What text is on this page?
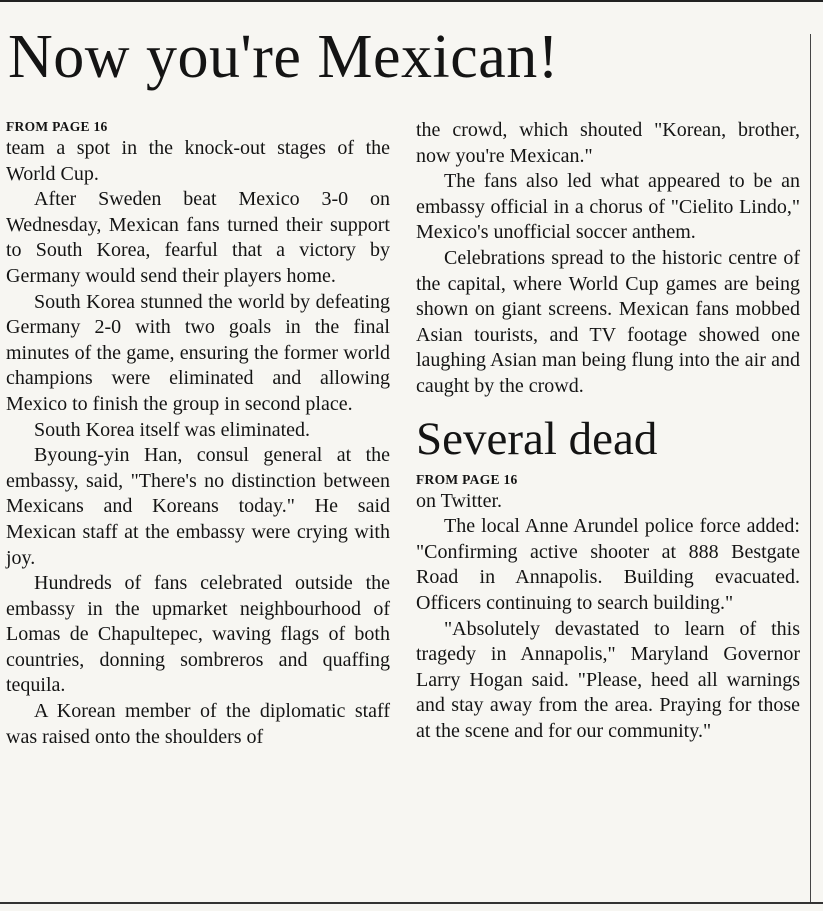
Now you're Mexican!

FROM PAGE 16

team a spot in the knock-out stages of the World Cup.

After Sweden beat Mexico 3-0 on Wednesday, Mexican fans turned their support to South Korea, fearful that a victory by Germany would send their players home.

South Korea stunned the world by defeating Germany 2-0 with two goals in the final minutes of the game, ensuring the former world champions were eliminated and allowing Mexico to finish the group in second place.

South Korea itself was eliminated.

Byoung-yin Han, consul general at the embassy, said, "There's no distinction between Mexicans and Koreans today." He said Mexican staff at the embassy were crying with joy.

Hundreds of fans celebrated outside the embassy in the upmarket neighbourhood of Lomas de Chapultepec, waving flags of both countries, donning sombreros and quaffing tequila.

A Korean member of the diplomatic staff was raised onto the shoulders of

the crowd, which shouted "Korean, brother, now you're Mexican."

The fans also led what appeared to be an embassy official in a chorus of "Cielito Lindo," Mexico's unofficial soccer anthem.

Celebrations spread to the historic centre of the capital, where World Cup games are being shown on giant screens. Mexican fans mobbed Asian tourists, and TV footage showed one laughing Asian man being flung into the air and caught by the crowd.

Several dead

FROM PAGE 16

on Twitter.

The local Anne Arundel police force added: "Confirming active shooter at 888 Bestgate Road in Annapolis. Building evacuated. Officers continuing to search building."

"Absolutely devastated to learn of this tragedy in Annapolis," Maryland Governor Larry Hogan said. "Please, heed all warnings and stay away from the area. Praying for those at the scene and for our community."
